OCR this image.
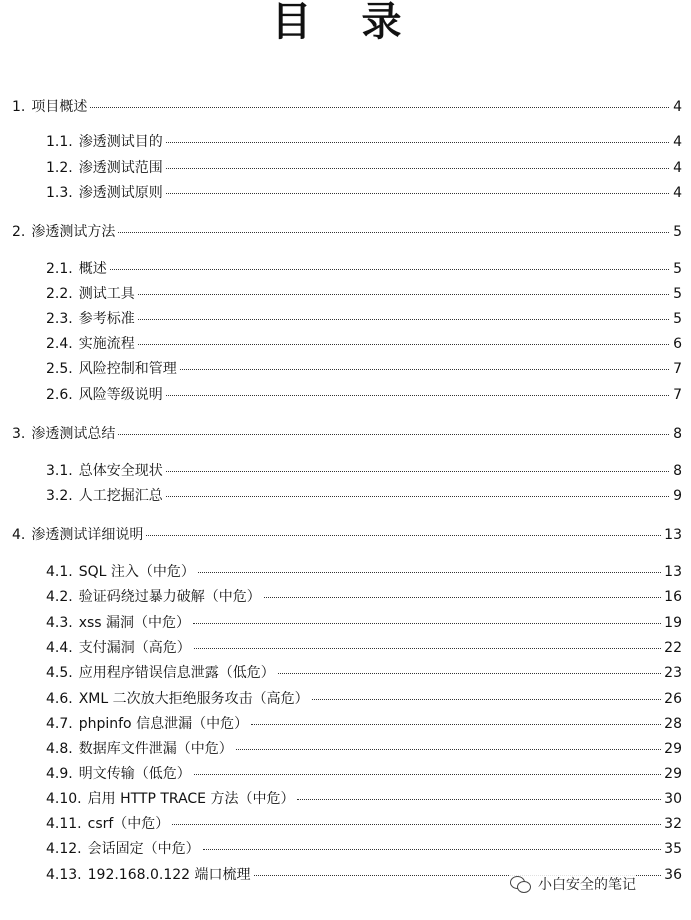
目 录
1. 项目概述	4
1.1. 渗透测试目的	4
1.2. 渗透测试范围	4
1.3. 渗透测试原则	4
2. 渗透测试方法	5
2.1. 概述	5
2.2. 测试工具	5
2.3. 参考标准	5
2.4. 实施流程	6
2.5. 风险控制和管理	7
2.6. 风险等级说明	7
3. 渗透测试总结	8
3.1. 总体安全现状	8
3.2. 人工挖掘汇总	9
4. 渗透测试详细说明	13
4.1. SQL 注入（中危）	13
4.2. 验证码绕过暴力破解（中危）	16
4.3. xss 漏洞（中危）	19
4.4. 支付漏洞（高危）	22
4.5. 应用程序错误信息泄露（低危）	23
4.6. XML 二次放大拒绝服务攻击（高危）	26
4.7. phpinfo 信息泄漏（中危）	28
4.8. 数据库文件泄漏（中危）	29
4.9. 明文传输（低危）	29
4.10. 启用 HTTP TRACE 方法（中危）	30
4.11. csrf（中危）	32
4.12. 会话固定（中危）	35
4.13. 192.168.0.122 端口梳理	36
小白安全的笔记
